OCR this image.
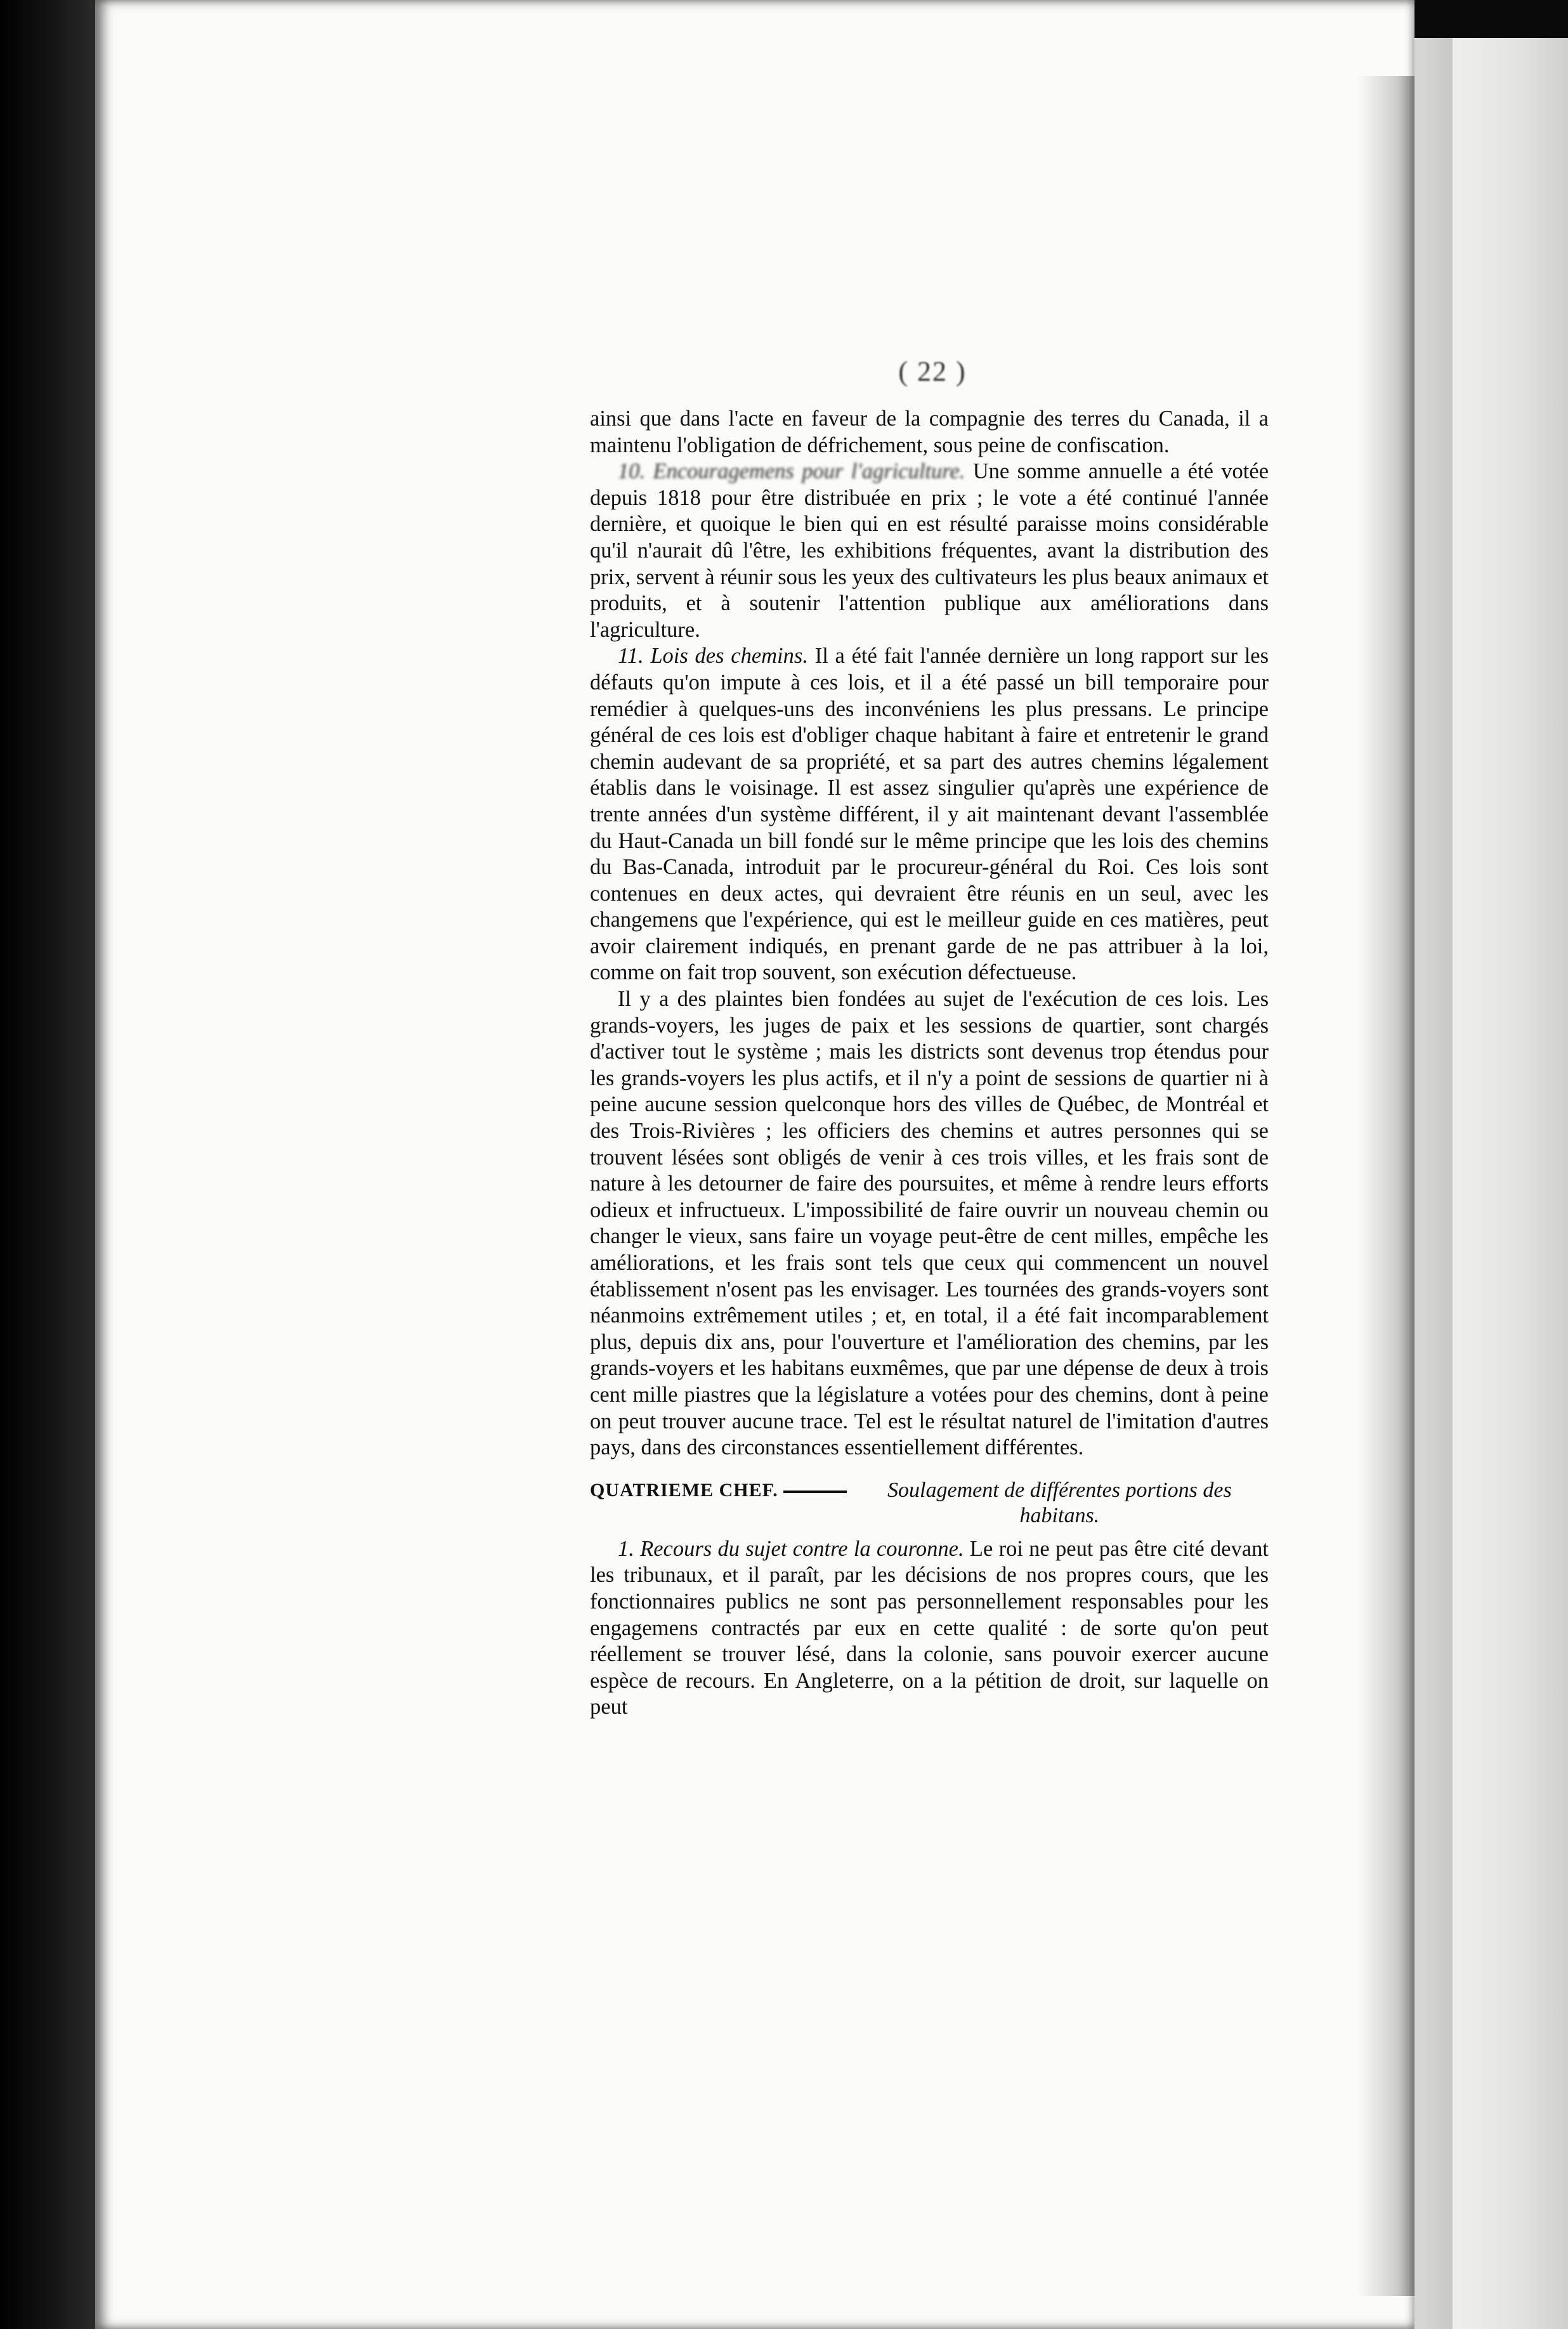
( 22 )

ainsi que dans l'acte en faveur de la compagnie des terres du Canada, il a maintenu l'obligation de défrichement, sous peine de confiscation.

10. Encouragemens pour l'agriculture. Une somme annuelle a été votée depuis 1818 pour être distribuée en prix ; le vote a été continué l'année dernière, et quoique le bien qui en est résulté paraisse moins considérable qu'il n'aurait dû l'être, les exhibitions fréquentes, avant la distribution des prix, servent à réunir sous les yeux des cultivateurs les plus beaux animaux et produits, et à soutenir l'attention publique aux améliorations dans l'agriculture.

11. Lois des chemins. Il a été fait l'année dernière un long rapport sur les défauts qu'on impute à ces lois, et il a été passé un bill temporaire pour remédier à quelques-uns des inconvéniens les plus pressans. Le principe général de ces lois est d'obliger chaque habitant à faire et entretenir le grand chemin audevant de sa propriété, et sa part des autres chemins légalement établis dans le voisinage. Il est assez singulier qu'après une expérience de trente années d'un système différent, il y ait maintenant devant l'assemblée du Haut-Canada un bill fondé sur le même principe que les lois des chemins du Bas-Canada, introduit par le procureur-général du Roi. Ces lois sont contenues en deux actes, qui devraient être réunis en un seul, avec les changemens que l'expérience, qui est le meilleur guide en ces matières, peut avoir clairement indiqués, en prenant garde de ne pas attribuer à la loi, comme on fait trop souvent, son exécution défectueuse.

Il y a des plaintes bien fondées au sujet de l'exécution de ces lois. Les grands-voyers, les juges de paix et les sessions de quartier, sont chargés d'activer tout le système ; mais les districts sont devenus trop étendus pour les grands-voyers les plus actifs, et il n'y a point de sessions de quartier ni à peine aucune session quelconque hors des villes de Québec, de Montréal et des Trois-Rivières ; les officiers des chemins et autres personnes qui se trouvent lésées sont obligés de venir à ces trois villes, et les frais sont de nature à les detourner de faire des poursuites, et même à rendre leurs efforts odieux et infructueux. L'impossibilité de faire ouvrir un nouveau chemin ou changer le vieux, sans faire un voyage peut-être de cent milles, empêche les améliorations, et les frais sont tels que ceux qui commencent un nouvel établissement n'osent pas les envisager. Les tournées des grands-voyers sont néanmoins extrêmement utiles ; et, en total, il a été fait incomparablement plus, depuis dix ans, pour l'ouverture et l'amélioration des chemins, par les grands-voyers et les habitans euxmêmes, que par une dépense de deux à trois cent mille piastres que la législature a votées pour des chemins, dont à peine on peut trouver aucune trace. Tel est le résultat naturel de l'imitation d'autres pays, dans des circonstances essentiellement différentes.

QUATRIEME CHEF.	Soulagement de différentes portions des habitans.

1. Recours du sujet contre la couronne. Le roi ne peut pas être cité devant les tribunaux, et il paraît, par les décisions de nos propres cours, que les fonctionnaires publics ne sont pas personnellement responsables pour les engagemens contractés par eux en cette qualité : de sorte qu'on peut réellement se trouver lésé, dans la colonie, sans pouvoir exercer aucune espèce de recours. En Angleterre, on a la pétition de droit, sur laquelle on peut
